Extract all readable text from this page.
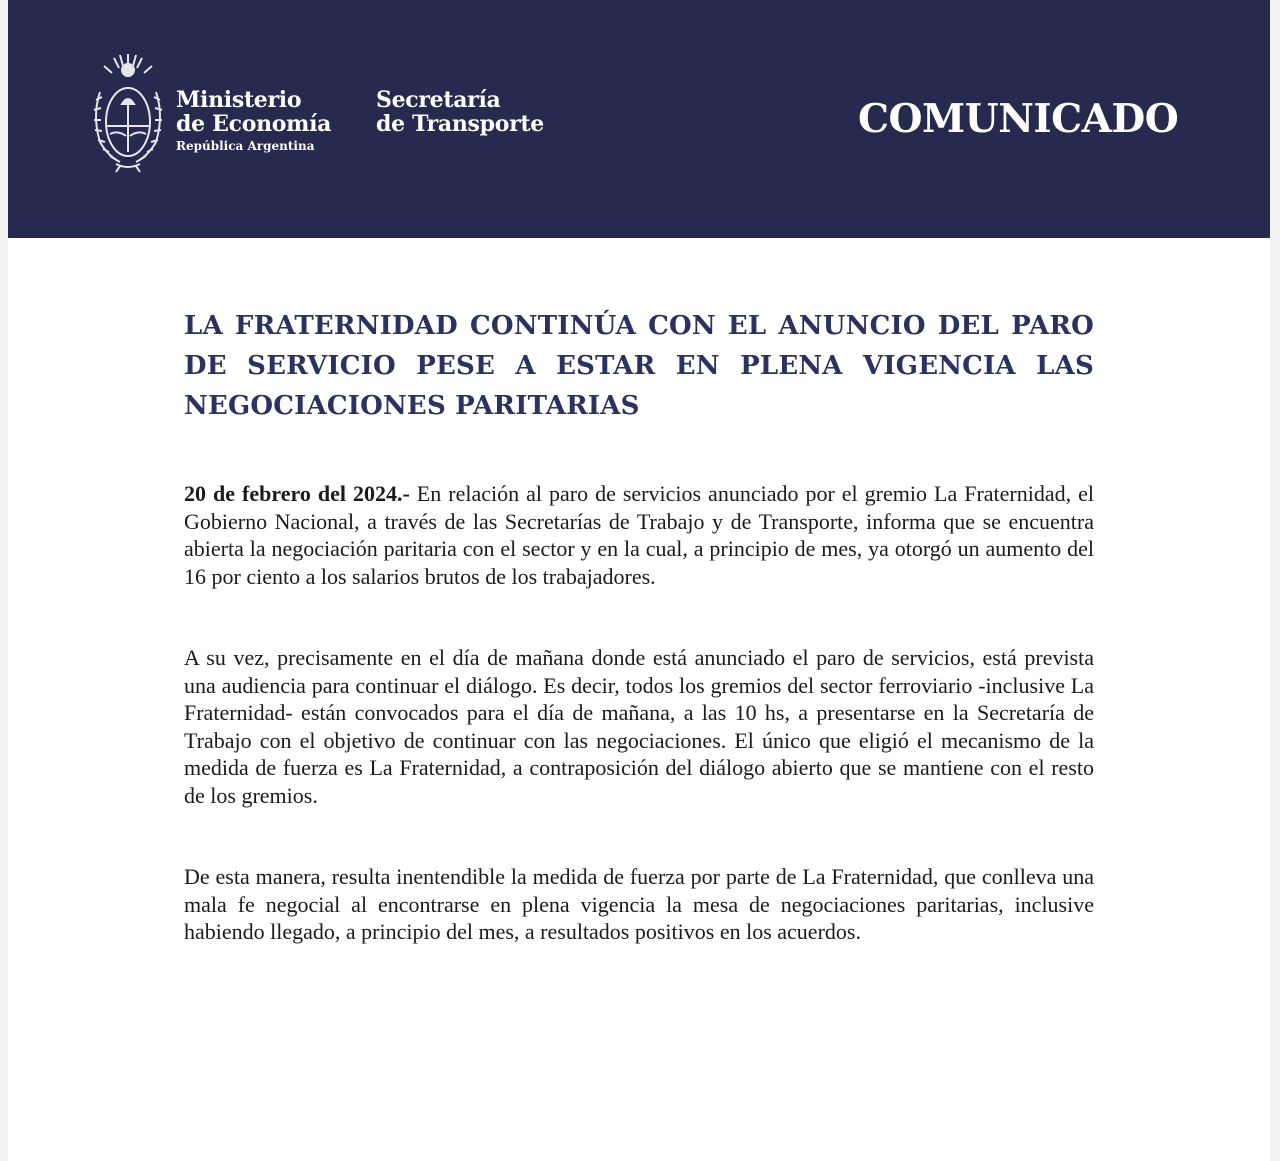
Ministerio
de Economía
República Argentina
Secretaría
de Transporte	COMUNICADO
LA FRATERNIDAD CONTINÚA CON EL ANUNCIO DEL PARO DE SERVICIO PESE A ESTAR EN PLENA VIGENCIA LAS NEGOCIACIONES PARITARIAS

20 de febrero del 2024.- En relación al paro de servicios anunciado por el gremio La Fraternidad, el Gobierno Nacional, a través de las Secretarías de Trabajo y de Transporte, informa que se encuentra abierta la negociación paritaria con el sector y en la cual, a principio de mes, ya otorgó un aumento del 16 por ciento a los salarios brutos de los trabajadores.

A su vez, precisamente en el día de mañana donde está anunciado el paro de servicios, está prevista una audiencia para continuar el diálogo. Es decir, todos los gremios del sector ferroviario -inclusive La Fraternidad- están convocados para el día de mañana, a las 10 hs, a presentarse en la Secretaría de Trabajo con el objetivo de continuar con las negociaciones. El único que eligió el mecanismo de la medida de fuerza es La Fraternidad, a contraposición del diálogo abierto que se mantiene con el resto de los gremios.

De esta manera, resulta inentendible la medida de fuerza por parte de La Fraternidad, que conlleva una mala fe negocial al encontrarse en plena vigencia la mesa de negociaciones paritarias, inclusive habiendo llegado, a principio del mes, a resultados positivos en los acuerdos.
